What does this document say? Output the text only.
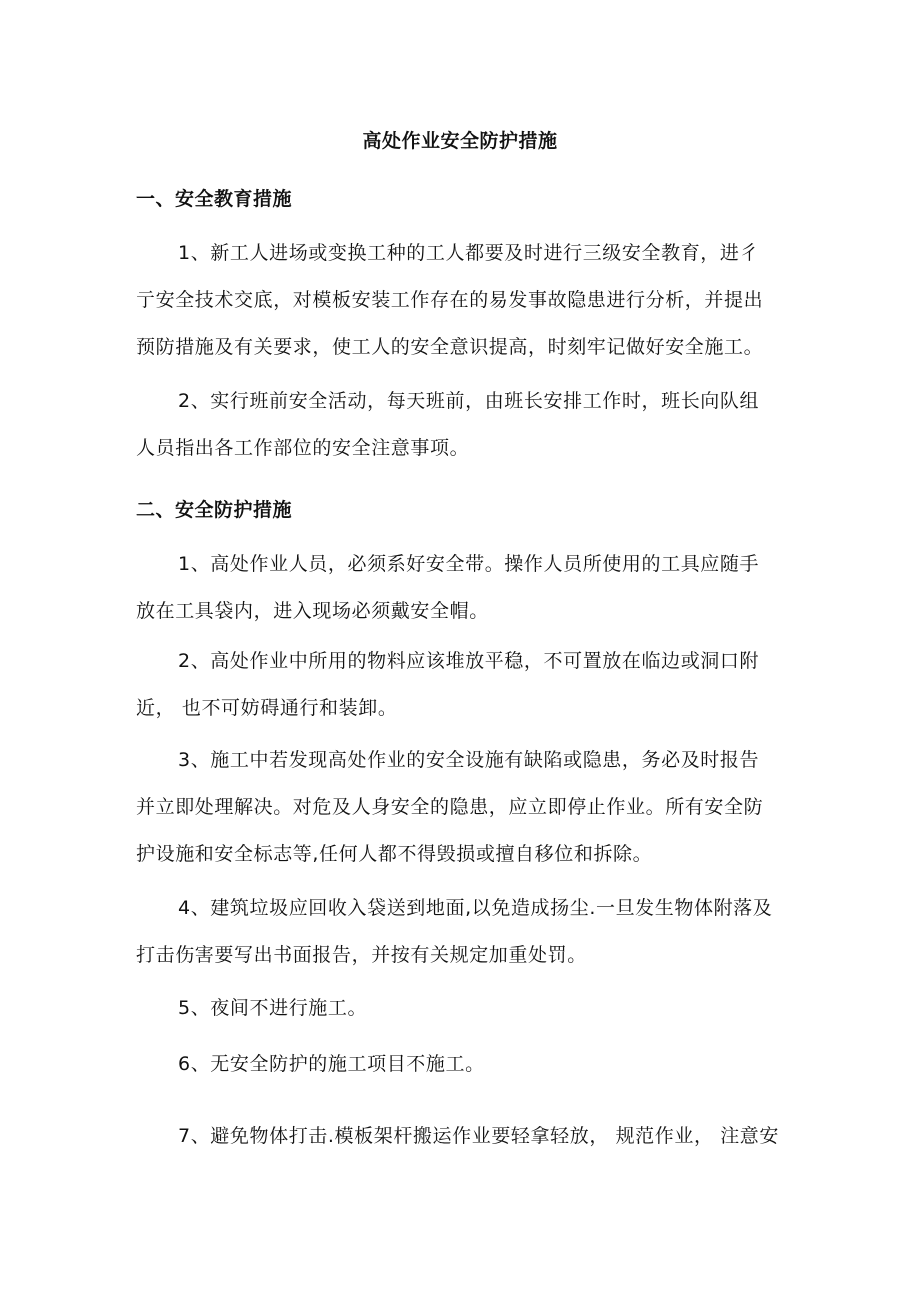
高处作业安全防护措施
一、安全教育措施
1、新工人进场或变换工种的工人都要及时进行三级安全教育，进彳
亍安全技术交底，对模板安装工作存在的易发事故隐患进行分析，并提出
预防措施及有关要求，使工人的安全意识提高，时刻牢记做好安全施工。
2、实行班前安全活动，每天班前，由班长安排工作时，班长向队组
人员指出各工作部位的安全注意事项。
二、安全防护措施
1、高处作业人员，必须系好安全带。操作人员所使用的工具应随手
放在工具袋内，进入现场必须戴安全帽。
2、高处作业中所用的物料应该堆放平稳，不可置放在临边或洞口附
近， 也不可妨碍通行和装卸。
3、施工中若发现高处作业的安全设施有缺陷或隐患，务必及时报告
并立即处理解决。对危及人身安全的隐患，应立即停止作业。所有安全防
护设施和安全标志等,任何人都不得毁损或擅自移位和拆除。
4、建筑垃圾应回收入袋送到地面,以免造成扬尘.一旦发生物体附落及
打击伤害要写出书面报告，并按有关规定加重处罚。
5、夜间不进行施工。
6、无安全防护的施工项目不施工。
7、避免物体打击.模板架杆搬运作业要轻拿轻放， 规范作业， 注意安
